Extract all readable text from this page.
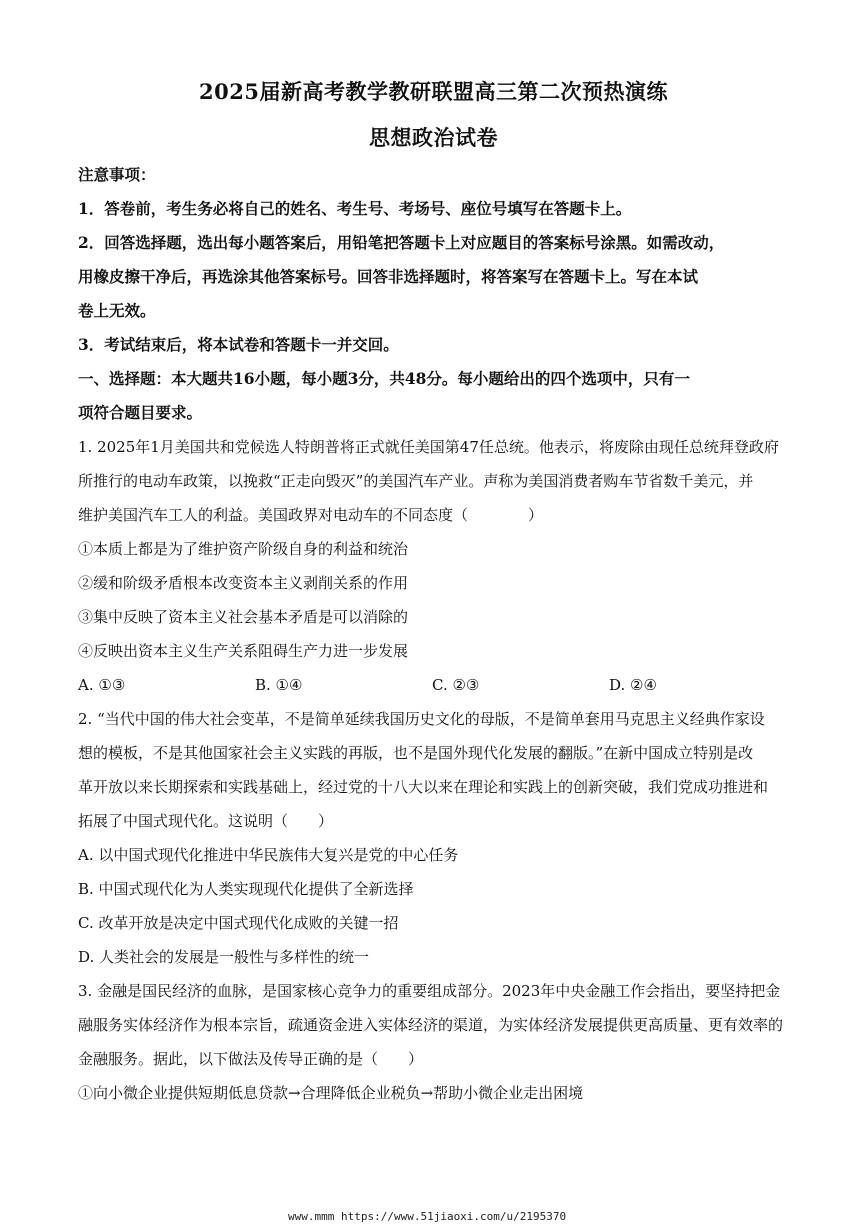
2025届新高考教学教研联盟高三第二次预热演练
思想政治试卷
注意事项：
1．答卷前，考生务必将自己的姓名、考生号、考场号、座位号填写在答题卡上。
2．回答选择题，选出每小题答案后，用铅笔把答题卡上对应题目的答案标号涂黑。如需改动，
用橡皮擦干净后，再选涂其他答案标号。回答非选择题时，将答案写在答题卡上。写在本试
卷上无效。
3．考试结束后，将本试卷和答题卡一并交回。
一、选择题：本大题共16小题，每小题3分，共48分。每小题给出的四个选项中，只有一
项符合题目要求。
1. 2025年1月美国共和党候选人特朗普将正式就任美国第47任总统。他表示，将废除由现任总统拜登政府
所推行的电动车政策，以挽救“正走向毁灭”的美国汽车产业。声称为美国消费者购车节省数千美元，并
维护美国汽车工人的利益。美国政界对电动车的不同态度（　　　　）
①本质上都是为了维护资产阶级自身的利益和统治
②缓和阶级矛盾根本改变资本主义剥削关系的作用
③集中反映了资本主义社会基本矛盾是可以消除的
④反映出资本主义生产关系阻碍生产力进一步发展
A. ①③	B. ①④	C. ②③	D. ②④
2. “当代中国的伟大社会变革，不是简单延续我国历史文化的母版，不是简单套用马克思主义经典作家设
想的模板，不是其他国家社会主义实践的再版，也不是国外现代化发展的翻版。”在新中国成立特别是改
革开放以来长期探索和实践基础上，经过党的十八大以来在理论和实践上的创新突破，我们党成功推进和
拓展了中国式现代化。这说明（　　）
A. 以中国式现代化推进中华民族伟大复兴是党的中心任务
B. 中国式现代化为人类实现现代化提供了全新选择
C. 改革开放是决定中国式现代化成败的关键一招
D. 人类社会的发展是一般性与多样性的统一
3. 金融是国民经济的血脉，是国家核心竞争力的重要组成部分。2023年中央金融工作会指出，要坚持把金
融服务实体经济作为根本宗旨，疏通资金进入实体经济的渠道，为实体经济发展提供更高质量、更有效率的
金融服务。据此，以下做法及传导正确的是（　　）
①向小微企业提供短期低息贷款→合理降低企业税负→帮助小微企业走出困境
www.mmm https://www.51jiaoxi.com/u/2195370
